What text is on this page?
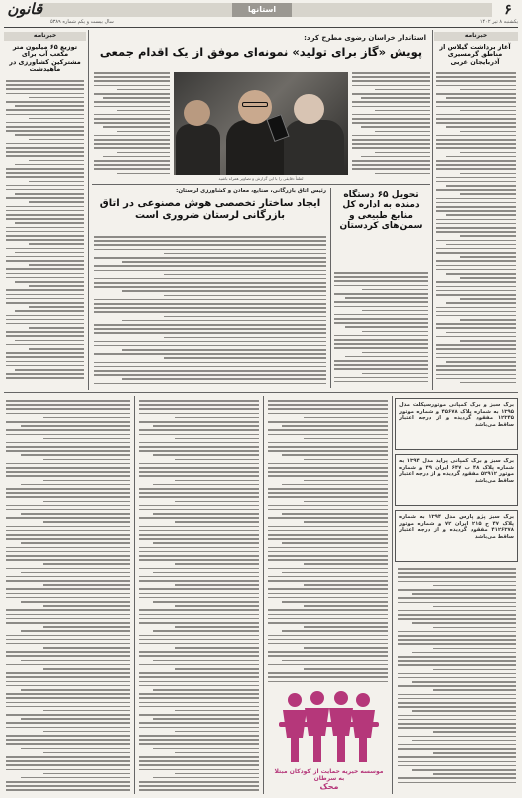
۶
استانها
قانون
یکشنبه ۸ تیر ۱۴۰۲
سال بیست و یکم شماره ۵۳۸۹
خبرنامه
آغاز برداشت گیلاس از مناطق گرمسیری آذربایجان غربی
خبرنامه
توزیع ۶۵ میلیون متر مکعب آب برای مشترکین کشاورزی در ماهیدشت
استاندار خراسان رضوی مطرح کرد:
پویش «گاز برای تولید» نمونه‌ای موفق از یک اقدام جمعی
لطفاً دقایقی را با این گزارش و تصاویر همراه باشید
تحویل ۶۵ دستگاه دمنده به اداره کل منابع طبیعی و سمن‌های کردستان
رئیس اتاق بازرگانی، صنایع، معادن و کشاورزی لرستان:
ایجاد ساختار تخصصی هوش مصنوعی در اتاق بازرگانی لرستان ضروری است
برگ سبز و برگ کمپانی موتورسیکلت مدل ۱۳۹۵ به شماره پلاک ۴۵۶۷۸ و شماره موتور ۱۲۳۴۵ مفقود گردیده و از درجه اعتبار ساقط می‌باشد
برگ سبز و برگ کمپانی پراید مدل ۱۳۹۴ به شماره پلاک ۴۸ ب ۶۴۷ ایران ۴۹ و شماره موتور ۵۲۹۱۲ مفقود گردیده و از درجه اعتبار ساقط می‌باشد
برگ سبز پژو پارس مدل ۱۳۹۴ به شماره پلاک ۴۷ ج ۲۱۵ ایران ۷۲ و شماره موتور ۴۱۲۶۳۷۸ مفقود گردیده و از درجه اعتبار ساقط می‌باشد
موسسه خیریه حمایت از کودکان مبتلا به سرطان
محک
